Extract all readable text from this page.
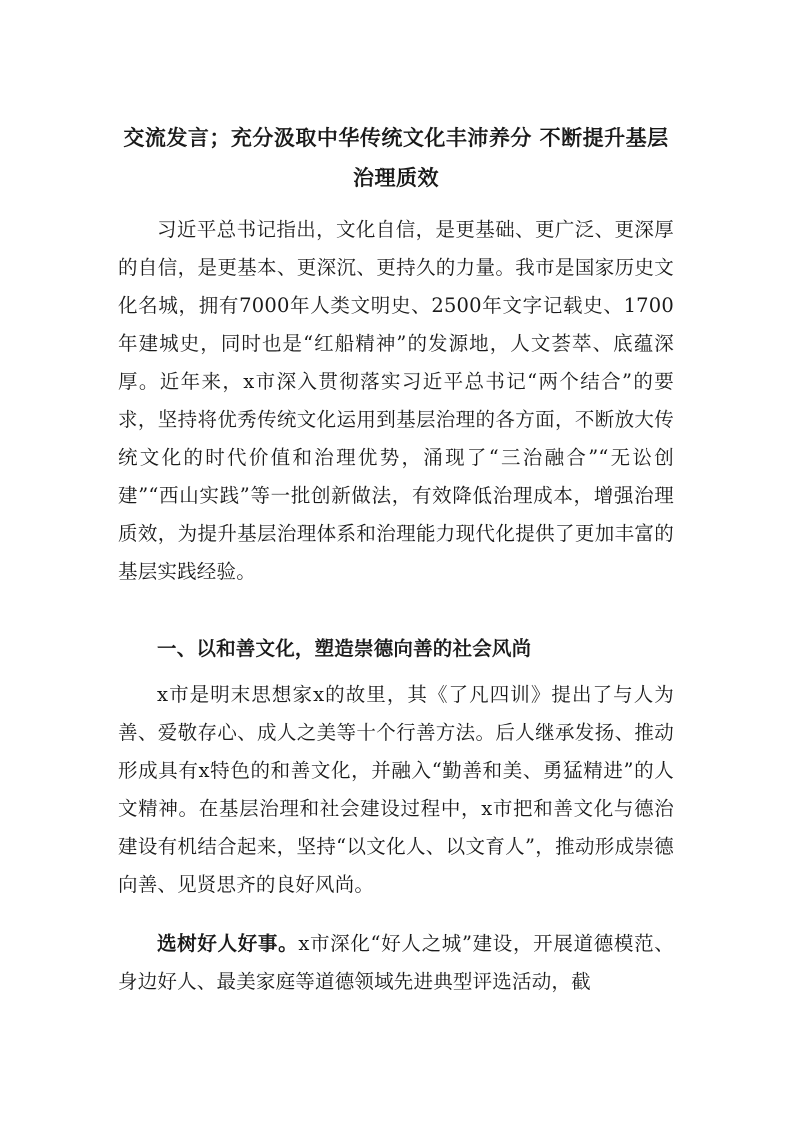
交流发言；充分汲取中华传统文化丰沛养分 不断提升基层
治理质效

习近平总书记指出，文化自信，是更基础、更广泛、更深厚的自信，是更基本、更深沉、更持久的力量。我市是国家历史文化名城，拥有7000年人类文明史、2500年文字记载史、1700年建城史，同时也是“红船精神”的发源地，人文荟萃、底蕴深厚。近年来，x市深入贯彻落实习近平总书记“两个结合”的要求，坚持将优秀传统文化运用到基层治理的各方面，不断放大传统文化的时代价值和治理优势，涌现了“三治融合”“无讼创建”“西山实践”等一批创新做法，有效降低治理成本，增强治理质效，为提升基层治理体系和治理能力现代化提供了更加丰富的基层实践经验。

一、以和善文化，塑造崇德向善的社会风尚

x市是明末思想家x的故里，其《了凡四训》提出了与人为善、爱敬存心、成人之美等十个行善方法。后人继承发扬、推动形成具有x特色的和善文化，并融入“勤善和美、勇猛精进”的人文精神。在基层治理和社会建设过程中，x市把和善文化与德治建设有机结合起来，坚持“以文化人、以文育人”，推动形成崇德向善、见贤思齐的良好风尚。

选树好人好事。x市深化“好人之城”建设，开展道德模范、身边好人、最美家庭等道德领域先进典型评选活动，截
